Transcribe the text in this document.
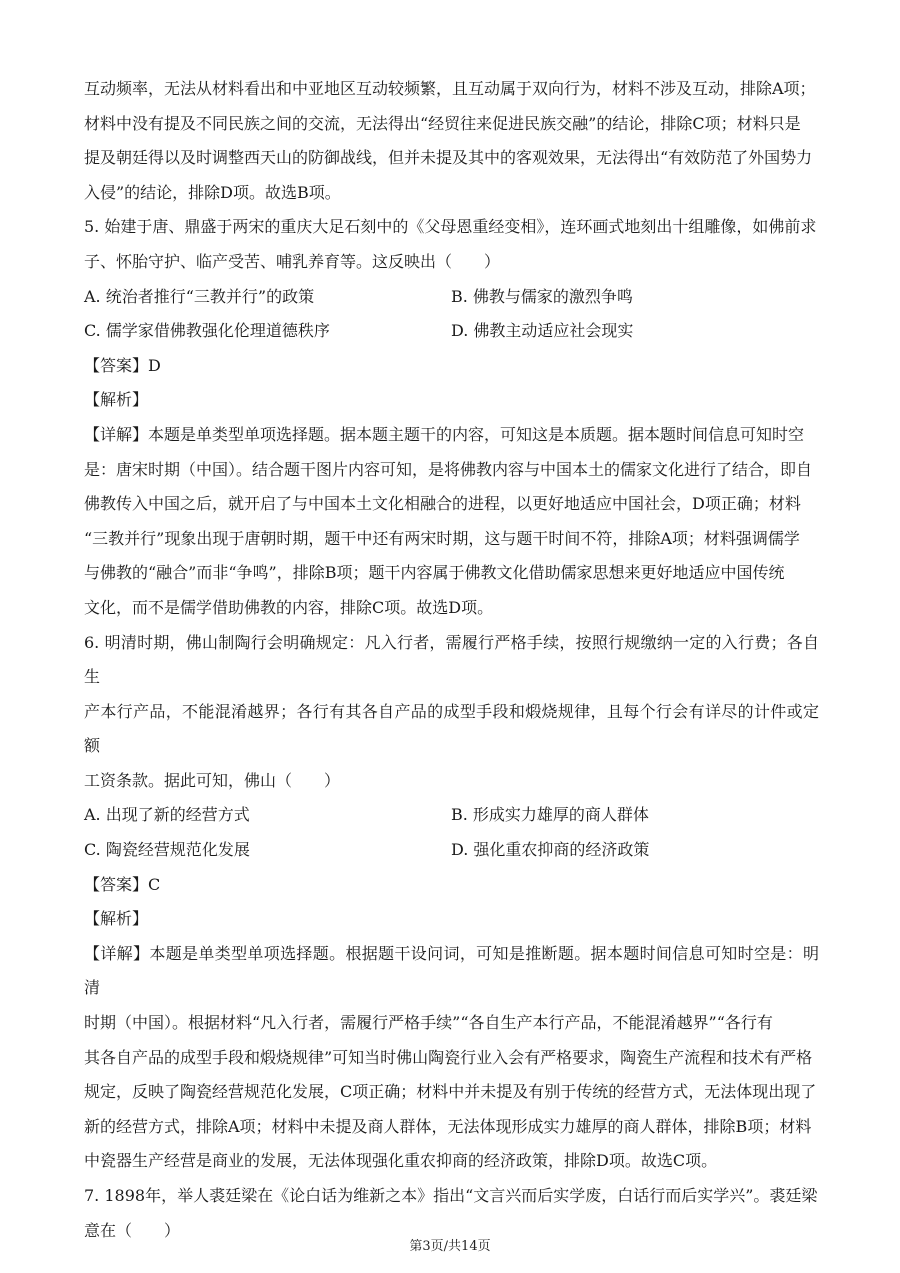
互动频率，无法从材料看出和中亚地区互动较频繁，且互动属于双向行为，材料不涉及互动，排除A项；

材料中没有提及不同民族之间的交流，无法得出“经贸往来促进民族交融”的结论，排除C项；材料只是

提及朝廷得以及时调整西天山的防御战线，但并未提及其中的客观效果，无法得出“有效防范了外国势力

入侵”的结论，排除D项。故选B项。

5. 始建于唐、鼎盛于两宋的重庆大足石刻中的《父母恩重经变相》，连环画式地刻出十组雕像，如佛前求

子、怀胎守护、临产受苦、哺乳养育等。这反映出（　　）

A. 统治者推行“三教并行”的政策	B. 佛教与儒家的激烈争鸣
C. 儒学家借佛教强化伦理道德秩序	D. 佛教主动适应社会现实

【答案】D

【解析】

【详解】本题是单类型单项选择题。据本题主题干的内容，可知这是本质题。据本题时间信息可知时空

是：唐宋时期（中国）。结合题干图片内容可知，是将佛教内容与中国本土的儒家文化进行了结合，即自

佛教传入中国之后，就开启了与中国本土文化相融合的进程，以更好地适应中国社会，D项正确；材料

“三教并行”现象出现于唐朝时期，题干中还有两宋时期，这与题干时间不符，排除A项；材料强调儒学

与佛教的“融合”而非“争鸣”，排除B项；题干内容属于佛教文化借助儒家思想来更好地适应中国传统

文化，而不是儒学借助佛教的内容，排除C项。故选D项。

6. 明清时期，佛山制陶行会明确规定：凡入行者，需履行严格手续，按照行规缴纳一定的入行费；各自生

产本行产品，不能混淆越界；各行有其各自产品的成型手段和煅烧规律，且每个行会有详尽的计件或定额

工资条款。据此可知，佛山（　　）

A. 出现了新的经营方式	B. 形成实力雄厚的商人群体
C. 陶瓷经营规范化发展	D. 强化重农抑商的经济政策

【答案】C

【解析】

【详解】本题是单类型单项选择题。根据题干设问词，可知是推断题。据本题时间信息可知时空是：明清

时期（中国）。根据材料“凡入行者，需履行严格手续”“各自生产本行产品，不能混淆越界”“各行有

其各自产品的成型手段和煅烧规律”可知当时佛山陶瓷行业入会有严格要求，陶瓷生产流程和技术有严格

规定，反映了陶瓷经营规范化发展，C项正确；材料中并未提及有别于传统的经营方式，无法体现出现了

新的经营方式，排除A项；材料中未提及商人群体，无法体现形成实力雄厚的商人群体，排除B项；材料

中瓷器生产经营是商业的发展，无法体现强化重农抑商的经济政策，排除D项。故选C项。

7. 1898年，举人裘廷梁在《论白话为维新之本》指出“文言兴而后实学废，白话行而后实学兴”。裘廷梁

意在（　　）

第3页/共14页
